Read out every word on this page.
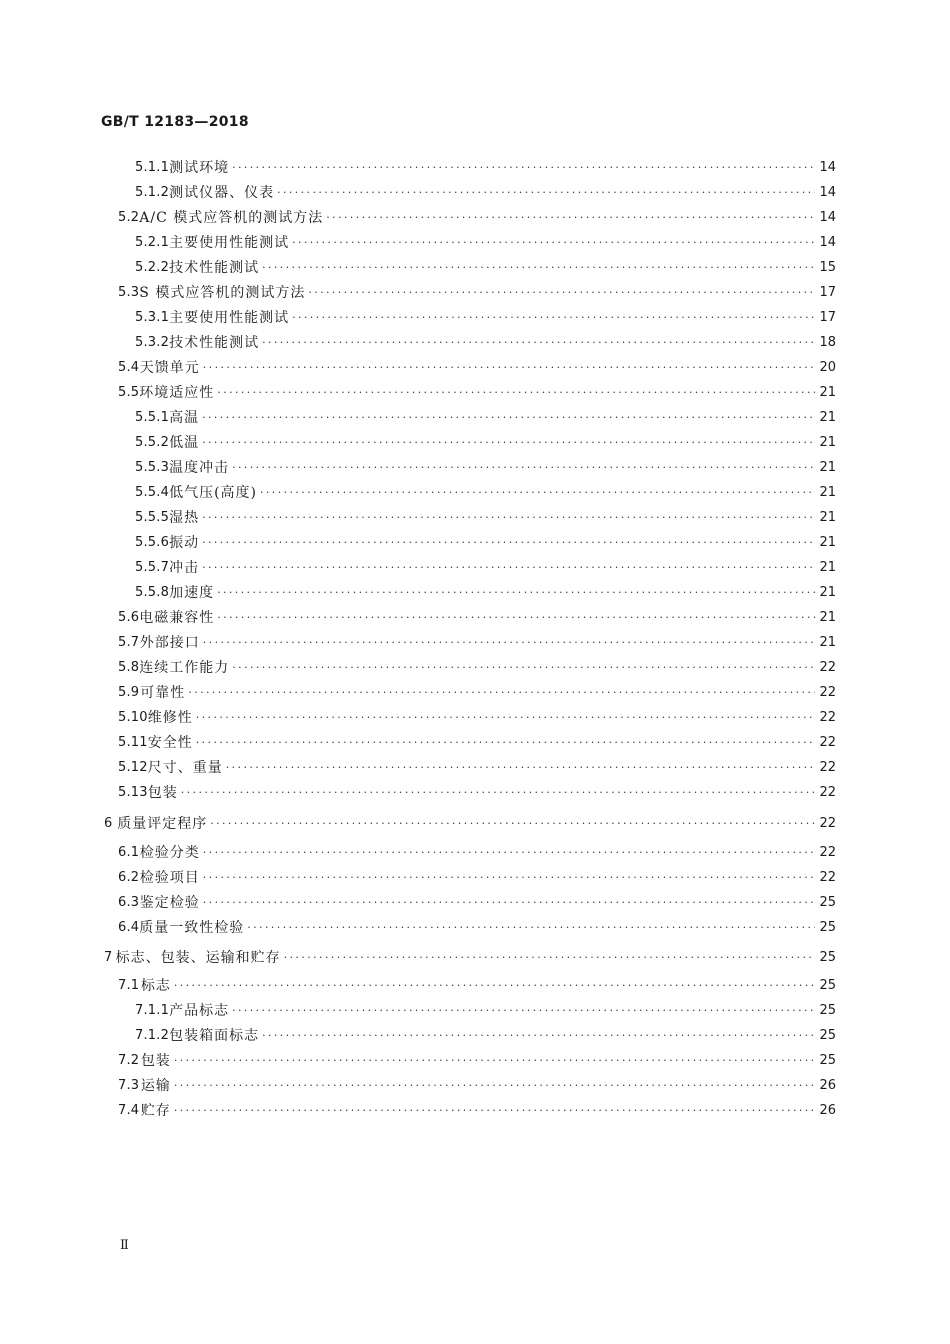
GB/T 12183—2018
5.1.1 测试环境 ·····	14
5.1.2 测试仪器、仪表 ·····	14
5.2 A/C 模式应答机的测试方法 ·····	14
5.2.1 主要使用性能测试 ·····	14
5.2.2 技术性能测试 ·····	15
5.3 S 模式应答机的测试方法 ·····	17
5.3.1 主要使用性能测试 ·····	17
5.3.2 技术性能测试 ·····	18
5.4 天馈单元 ·····	20
5.5 环境适应性 ·····	21
5.5.1 高温 ·····	21
5.5.2 低温 ·····	21
5.5.3 温度冲击 ·····	21
5.5.4 低气压(高度) ·····	21
5.5.5 湿热 ·····	21
5.5.6 振动 ·····	21
5.5.7 冲击 ·····	21
5.5.8 加速度 ·····	21
5.6 电磁兼容性 ·····	21
5.7 外部接口 ·····	21
5.8 连续工作能力 ·····	22
5.9 可靠性 ·····	22
5.10 维修性 ·····	22
5.11 安全性 ·····	22
5.12 尺寸、重量 ·····	22
5.13 包装 ·····	22
6 质量评定程序 ·····	22
6.1 检验分类 ·····	22
6.2 检验项目 ·····	22
6.3 鉴定检验 ·····	25
6.4 质量一致性检验 ·····	25
7 标志、包装、运输和贮存 ·····	25
7.1 标志 ·····	25
7.1.1 产品标志 ·····	25
7.1.2 包装箱面标志 ·····	25
7.2 包装 ·····	25
7.3 运输 ·····	26
7.4 贮存 ·····	26
Ⅱ
